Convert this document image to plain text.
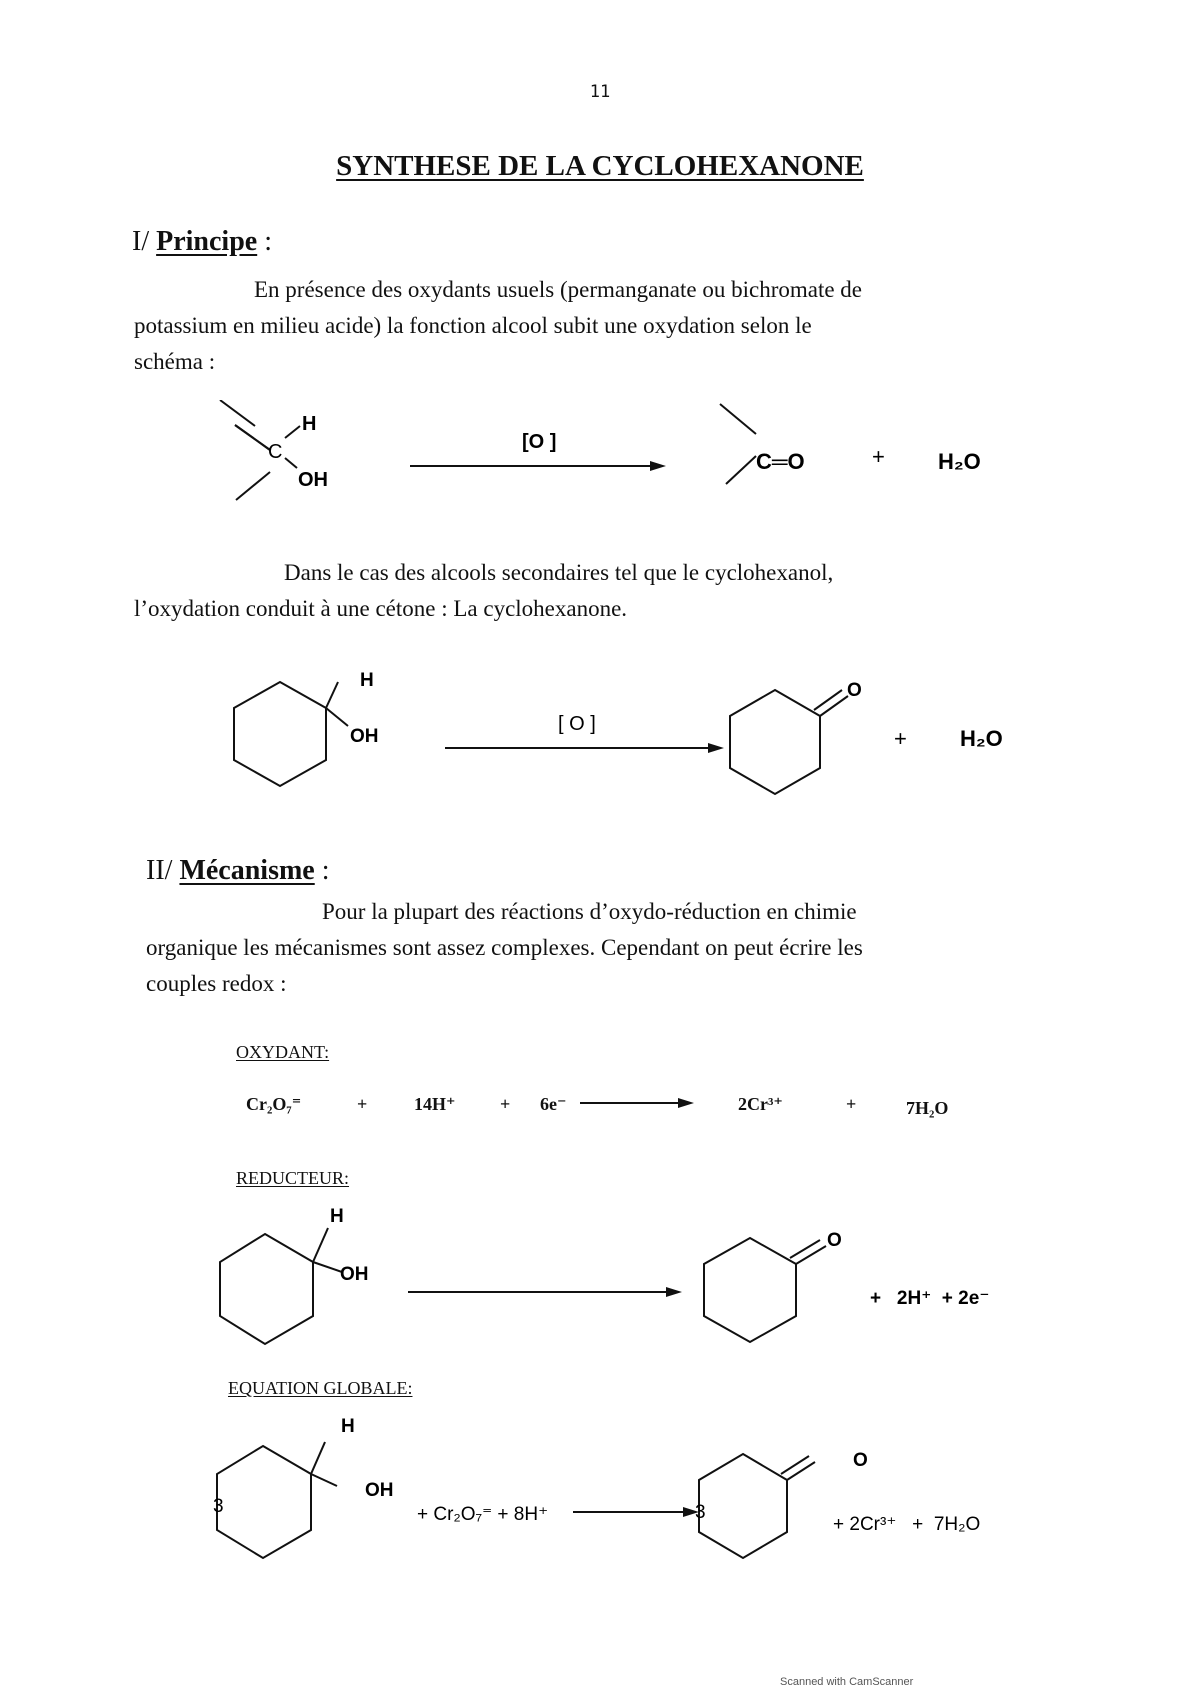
11
SYNTHESE DE LA CYCLOHEXANONE
I/ Principe :
En présence des oxydants usuels (permanganate ou bichromate de
potassium en milieu acide) la fonction alcool subit une oxydation selon le
schéma :
H
C
OH
[O ]
C═O	+ H₂O
Dans le cas des alcools secondaires tel que le cyclohexanol,
l’oxydation conduit à une cétone : La cyclohexanone.
H
OH
[ O ]
O
+ H₂O
II/ Mécanisme :
Pour la plupart des réactions d’oxydo-réduction en chimie
organique les mécanismes sont assez complexes. Cependant on peut écrire les
couples redox :
OXYDANT:
Cr₂O₇⁼	+	14H⁺ + 6e⁻	2Cr³⁺	+	7H₂O
REDUCTEUR:
H
OH
O
+   2H⁺  + 2e⁻
EQUATION GLOBALE:
3
H
OH
+ Cr₂O₇⁼ + 8H⁺	3
O
+ 2Cr³⁺   +  7H₂O
Scanned with CamScanner
